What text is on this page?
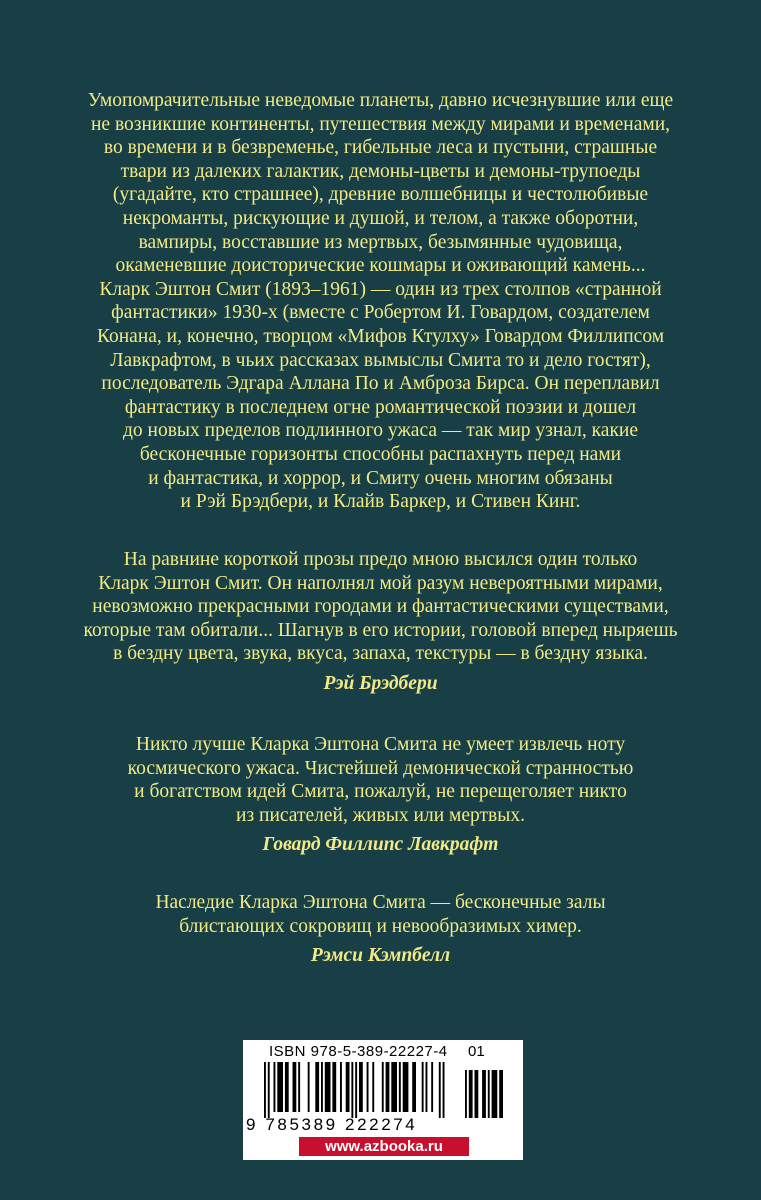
Умопомрачительные неведомые планеты, давно исчезнувшие или еще
не возникшие континенты, путешествия между мирами и временами,
во времени и в безвременье, гибельные леса и пустыни, страшные
твари из далеких галактик, демоны-цветы и демоны-трупоеды
(угадайте, кто страшнее), древние волшебницы и честолюбивые
некроманты, рискующие и душой, и телом, а также оборотни,
вампиры, восставшие из мертвых, безымянные чудовища,
окаменевшие доисторические кошмары и оживающий камень...
Кларк Эштон Смит (1893–1961) — один из трех столпов «странной
фантастики» 1930-х (вместе с Робертом И. Говардом, создателем
Конана, и, конечно, творцом «Мифов Ктулху» Говардом Филлипсом
Лавкрафтом, в чьих рассказах вымыслы Смита то и дело гостят),
последователь Эдгара Аллана По и Амброза Бирса. Он переплавил
фантастику в последнем огне романтической поэзии и дошел
до новых пределов подлинного ужаса — так мир узнал, какие
бесконечные горизонты способны распахнуть перед нами
и фантастика, и хоррор, и Смиту очень многим обязаны
и Рэй Брэдбери, и Клайв Баркер, и Стивен Кинг.
На равнине короткой прозы предо мною высился один только
Кларк Эштон Смит. Он наполнял мой разум невероятными мирами,
невозможно прекрасными городами и фантастическими существами,
которые там обитали... Шагнув в его истории, головой вперед ныряешь
в бездну цвета, звука, вкуса, запаха, текстуры — в бездну языка.
Рэй Брэдбери
Никто лучше Кларка Эштона Смита не умеет извлечь ноту
космического ужаса. Чистейшей демонической странностью
и богатством идей Смита, пожалуй, не перещеголяет никто
из писателей, живых или мертвых.
Говард Филлипс Лавкрафт
Наследие Кларка Эштона Смита — бесконечные залы
блистающих сокровищ и невообразимых химер.
Рэмси Кэмпбелл
ISBN 978-5-389-22227-4 01
9 785389 222274
www.azbooka.ru
